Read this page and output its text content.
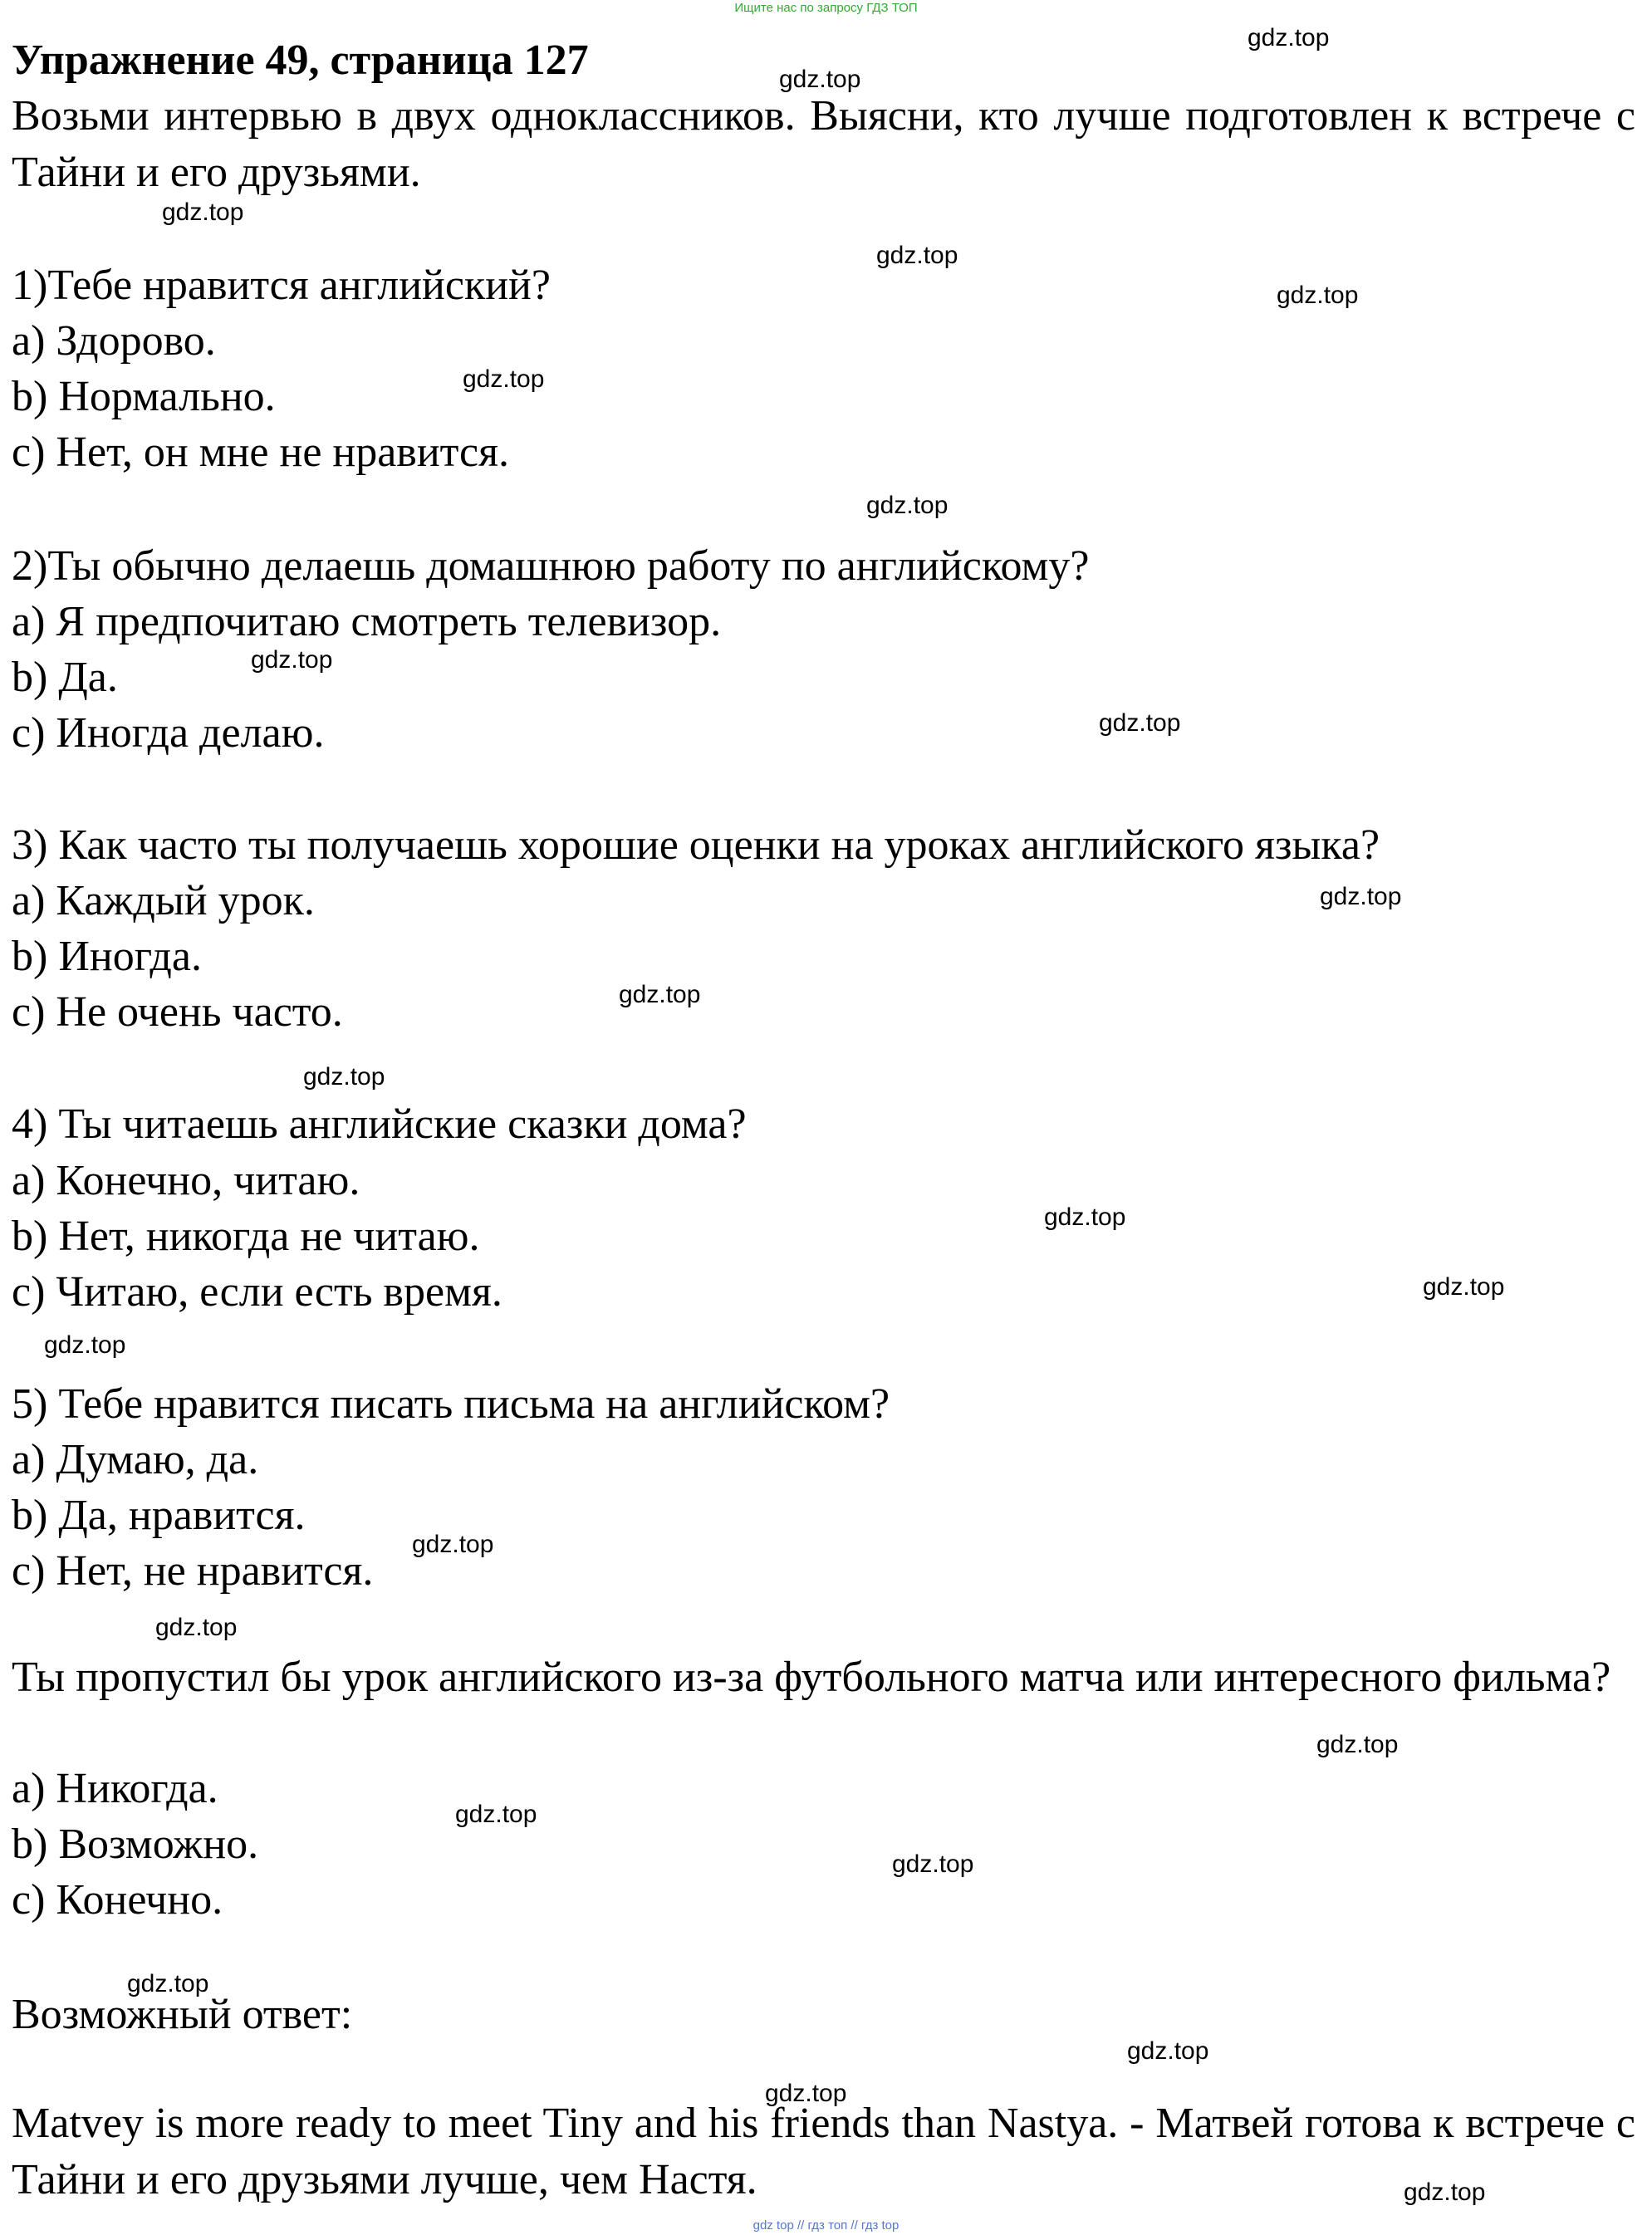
Ищите нас по запросу ГДЗ ТОП
Упражнение 49, страница 127
Возьми интервью в двух одноклассников. Выясни, кто лучше подготовлен к встрече с Тайни и его друзьями.
1)Тебе нравится английский?
a) Здорово.
b) Нормально.
c) Нет, он мне не нравится.
2)Ты обычно делаешь домашнюю работу по английскому?
a) Я предпочитаю смотреть телевизор.
b) Да.
c) Иногда делаю.
3) Как часто ты получаешь хорошие оценки на уроках английского языка?
a) Каждый урок.
b) Иногда.
c) Не очень часто.
4) Ты читаешь английские сказки дома?
a) Конечно, читаю.
b) Нет, никогда не читаю.
c) Читаю, если есть время.
5) Тебе нравится писать письма на английском?
a) Думаю, да.
b) Да, нравится.
c) Нет, не нравится.
Ты пропустил бы урок английского из-за футбольного матча или интересного фильма?
a) Никогда.
b) Возможно.
c) Конечно.
Возможный ответ:
Matvey is more ready to meet Tiny and his friends than Nastya. - Матвей готова к встрече с Тайни и его друзьями лучше, чем Настя.
gdz.top
gdz.top
gdz.top
gdz.top
gdz.top
gdz.top
gdz.top
gdz.top
gdz.top
gdz.top
gdz.top
gdz.top
gdz.top
gdz.top
gdz.top
gdz.top
gdz.top
gdz.top
gdz.top
gdz.top
gdz.top
gdz.top
gdz.top
gdz.top
gdz top // гдз топ // гдз top
